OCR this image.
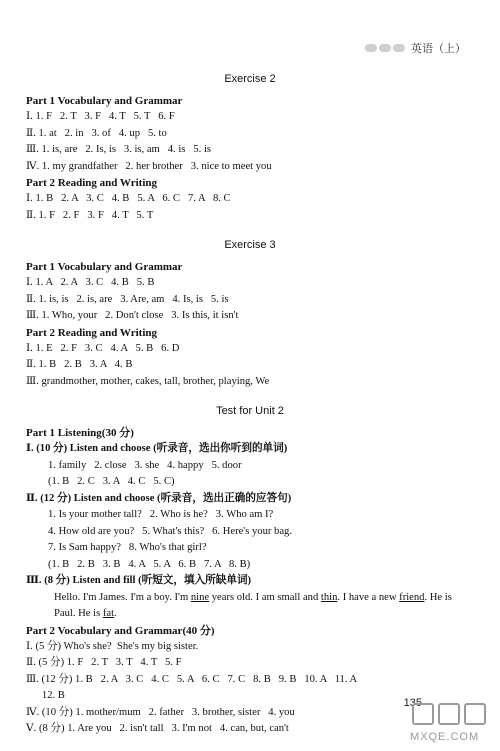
英语（上）

Exercise 2

Part 1 Vocabulary and Grammar
Ⅰ. 1. F   2. T   3. F   4. T   5. T   6. F
Ⅱ. 1. at   2. in   3. of   4. up   5. to
Ⅲ. 1. is, are   2. Is, is   3. is, am   4. is   5. is
Ⅳ. 1. my grandfather   2. her brother   3. nice to meet you
Part 2 Reading and Writing
Ⅰ. 1. B   2. A   3. C   4. B   5. A   6. C   7. A   8. C
Ⅱ. 1. F   2. F   3. F   4. T   5. T

Exercise 3

Part 1 Vocabulary and Grammar
Ⅰ. 1. A   2. A   3. C   4. B   5. B
Ⅱ. 1. is, is   2. is, are   3. Are, am   4. Is, is   5. is
Ⅲ. 1. Who, your   2. Don't close   3. Is this, it isn't
Part 2 Reading and Writing
Ⅰ. 1. E   2. F   3. C   4. A   5. B   6. D
Ⅱ. 1. B   2. B   3. A   4. B
Ⅲ. grandmother, mother, cakes, tall, brother, playing, We

Test for Unit 2

Part 1 Listening(30 分)
Ⅰ. (10 分) Listen and choose (听录音，选出你听到的单词)
1. family   2. close   3. she   4. happy   5. door
(1. B   2. C   3. A   4. C   5. C)
Ⅱ. (12 分) Listen and choose (听录音，选出正确的应答句)
1. Is your mother tall?   2. Who is he?   3. Who am I?
4. How old are you?   5. What's this?   6. Here's your bag.
7. Is Sam happy?   8. Who's that girl?
(1. B   2. B   3. B   4. A   5. A   6. B   7. A   8. B)
Ⅲ. (8 分) Listen and fill (听短文，填入所缺单词)
Hello. I'm James. I'm a boy. I'm nine years old. I am small and thin. I have a new friend. He is Paul. He is fat.
Part 2 Vocabulary and Grammar(40 分)
Ⅰ. (5 分) Who's she?  She's my big sister.
Ⅱ. (5 分) 1. F   2. T   3. T   4. T   5. F
Ⅲ. (12 分) 1. B   2. A   3. C   4. C   5. A   6. C   7. C   8. B   9. B   10. A   11. A
12. B
Ⅳ. (10 分) 1. mother/mum   2. father   3. brother, sister   4. you
Ⅴ. (8 分) 1. Are you   2. isn't tall   3. I'm not   4. can, but, can't
135
MXQE.COM
